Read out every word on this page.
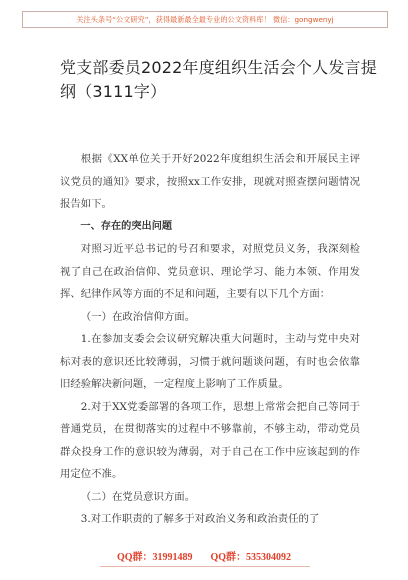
关注头条号“公文研究”，获得最新最全最专业的公文资料库！ 微信：gongwenyj
党支部委员2022年度组织生活会个人发言提纲（3111字）

根据《XX单位关于开好2022年度组织生活会和开展民主评议党员的通知》要求，按照xx工作安排，现就对照查摆问题情况报告如下。

一、存在的突出问题

对照习近平总书记的号召和要求，对照党员义务，我深刻检视了自己在政治信仰、党员意识、理论学习、能力本领、作用发挥、纪律作风等方面的不足和问题，主要有以下几个方面：

（一）在政治信仰方面。

1.在参加支委会会议研究解决重大问题时，主动与党中央对标对表的意识还比较薄弱，习惯于就问题谈问题，有时也会依靠旧经验解决新问题，一定程度上影响了工作质量。

2.对于XX党委部署的各项工作，思想上常常会把自己等同于普通党员，在贯彻落实的过程中不够靠前，不够主动，带动党员群众投身工作的意识较为薄弱，对于自己在工作中应该起到的作用定位不准。

（二）在党员意识方面。

3.对工作职责的了解多于对政治义务和政治责任的了

QQ群：31991489 QQ群：535304092
